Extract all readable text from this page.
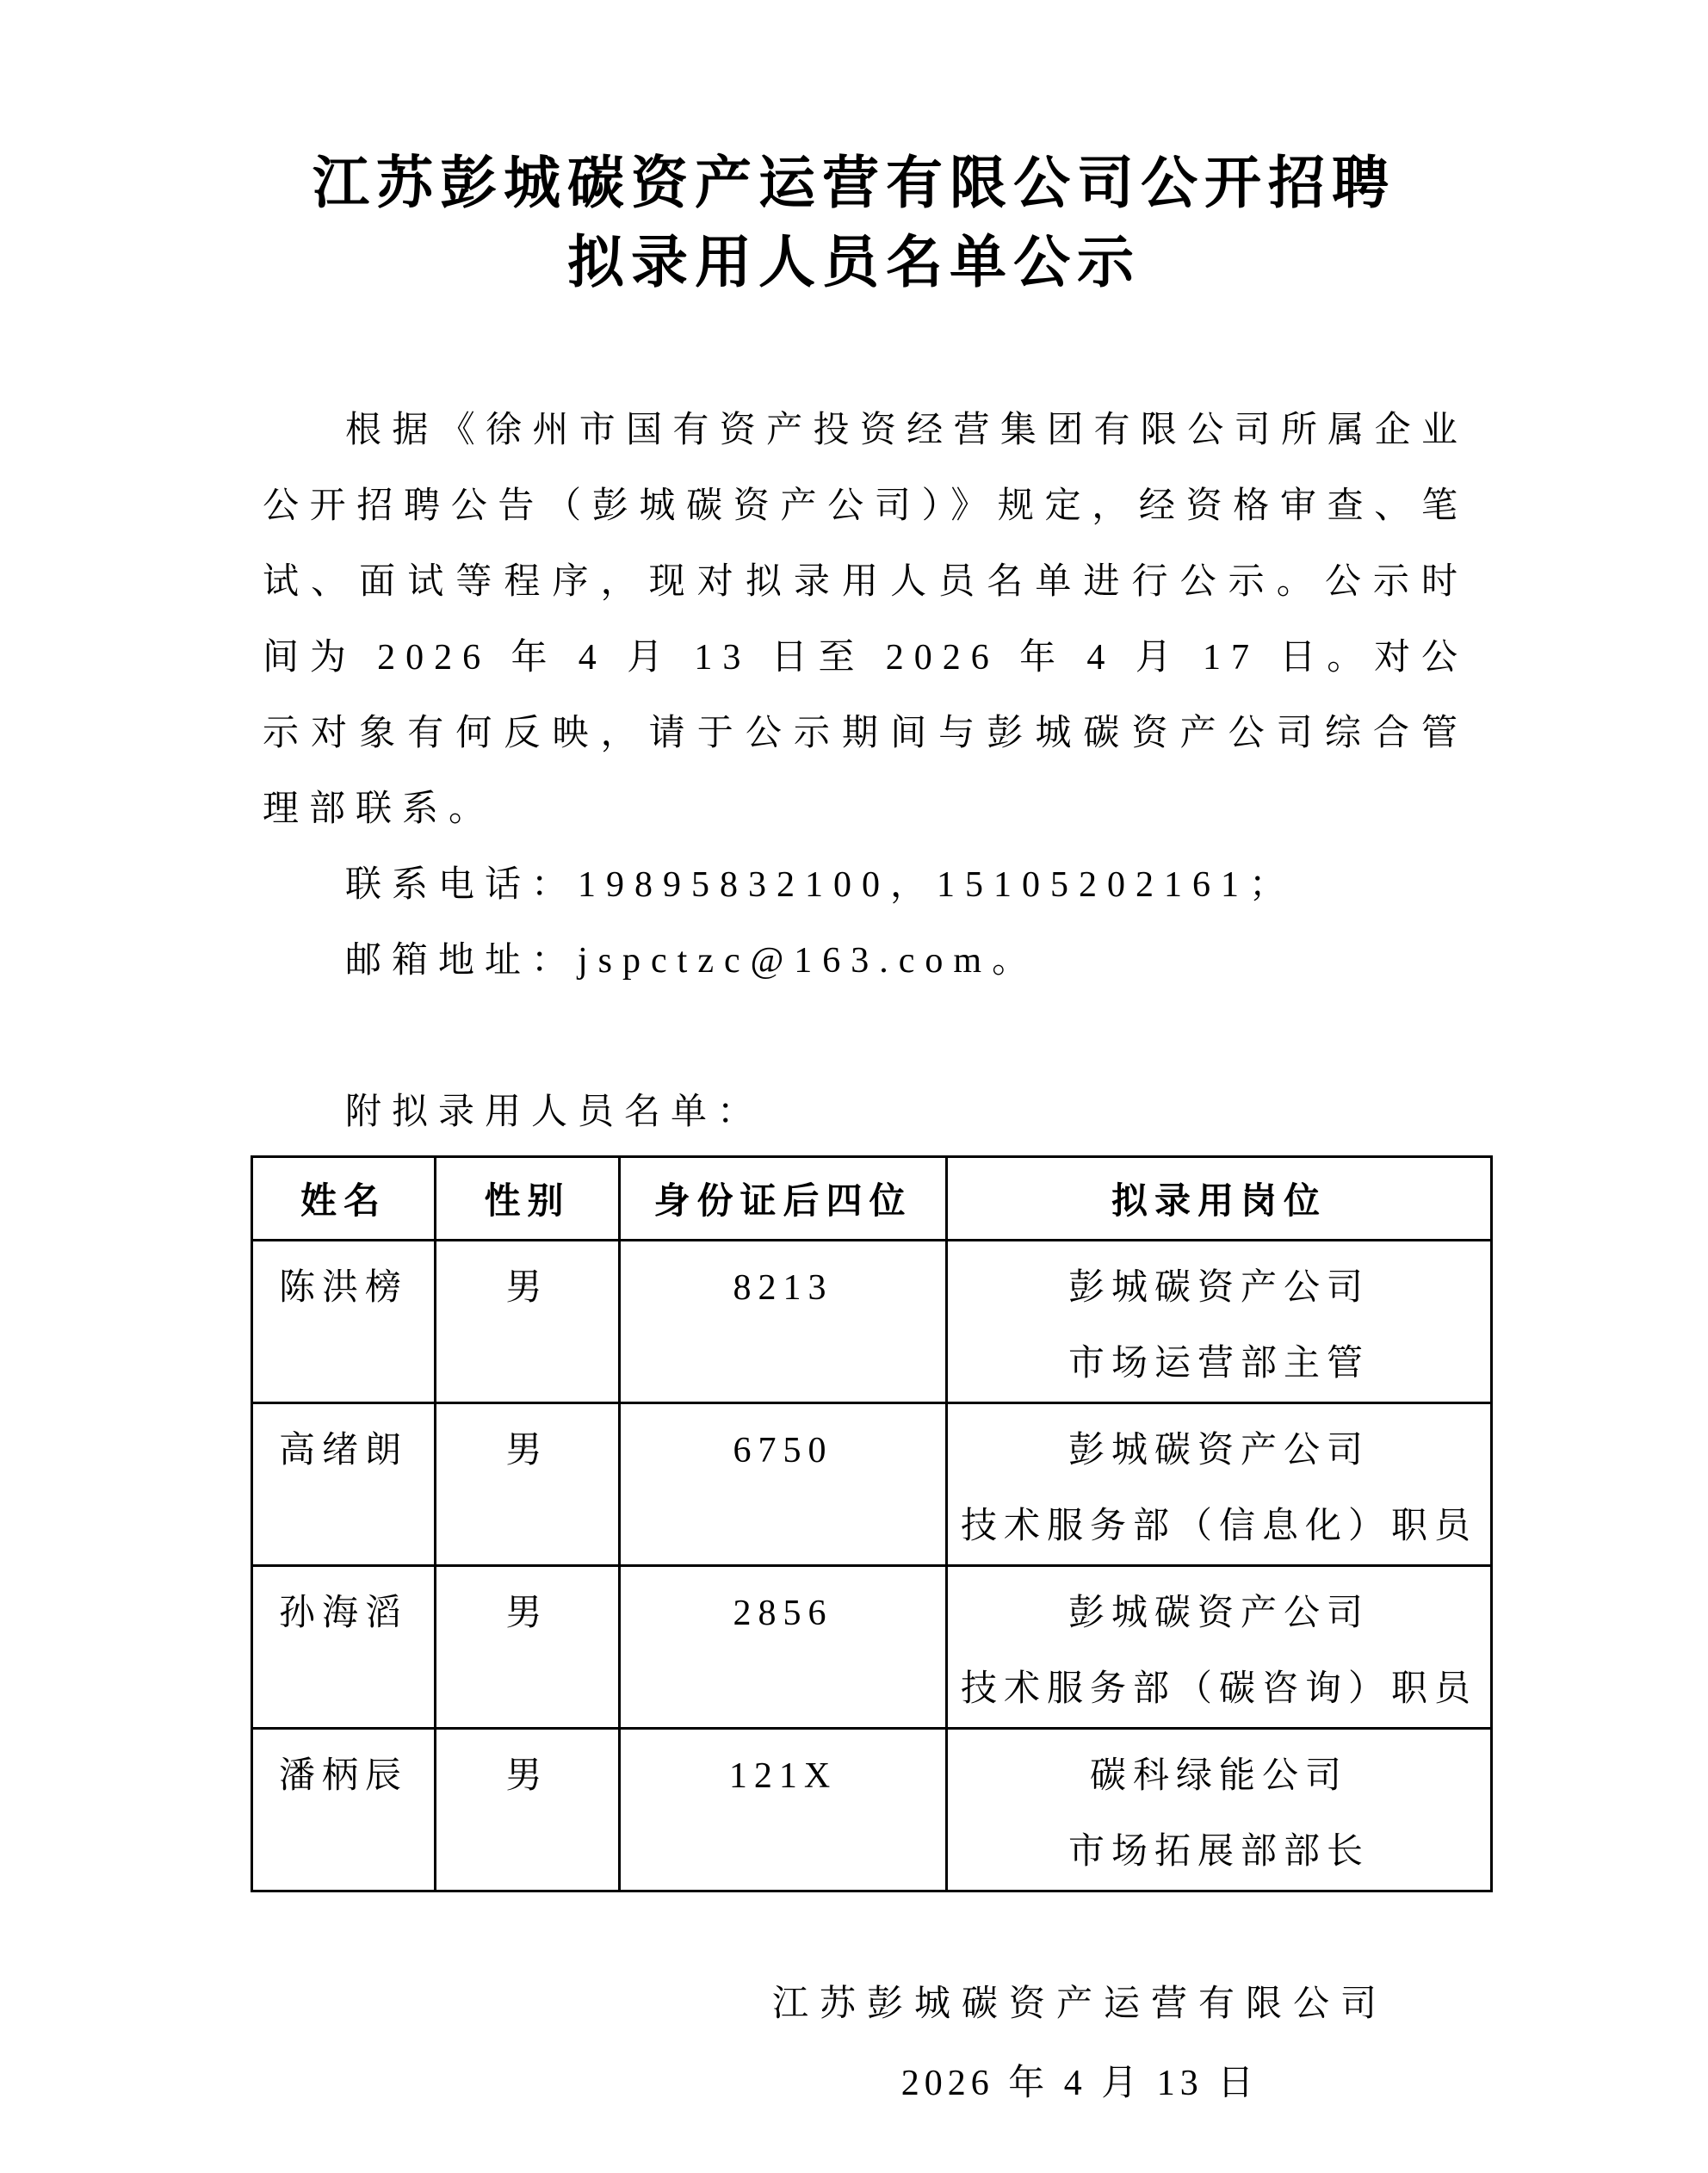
江苏彭城碳资产运营有限公司公开招聘
拟录用人员名单公示

根据《徐州市国有资产投资经营集团有限公司所属企业公开招聘公告（彭城碳资产公司）》规定，经资格审查、笔试、面试等程序，现对拟录用人员名单进行公示。公示时间为 2026 年 4 月 13 日至 2026 年 4 月 17 日。对公示对象有何反映，请于公示期间与彭城碳资产公司综合管理部联系。

联系电话：19895832100，15105202161；

邮箱地址：jspctzc@163.com。

附拟录用人员名单：

姓名	性别	身份证后四位	拟录用岗位
陈洪榜	男	8213	彭城碳资产公司
市场运营部主管

高绪朗	男	6750	彭城碳资产公司
技术服务部（信息化）职员

孙海滔	男	2856	彭城碳资产公司
技术服务部（碳咨询）职员

潘柄辰	男	121X	碳科绿能公司
市场拓展部部长
江苏彭城碳资产运营有限公司
2026 年 4 月 13 日
